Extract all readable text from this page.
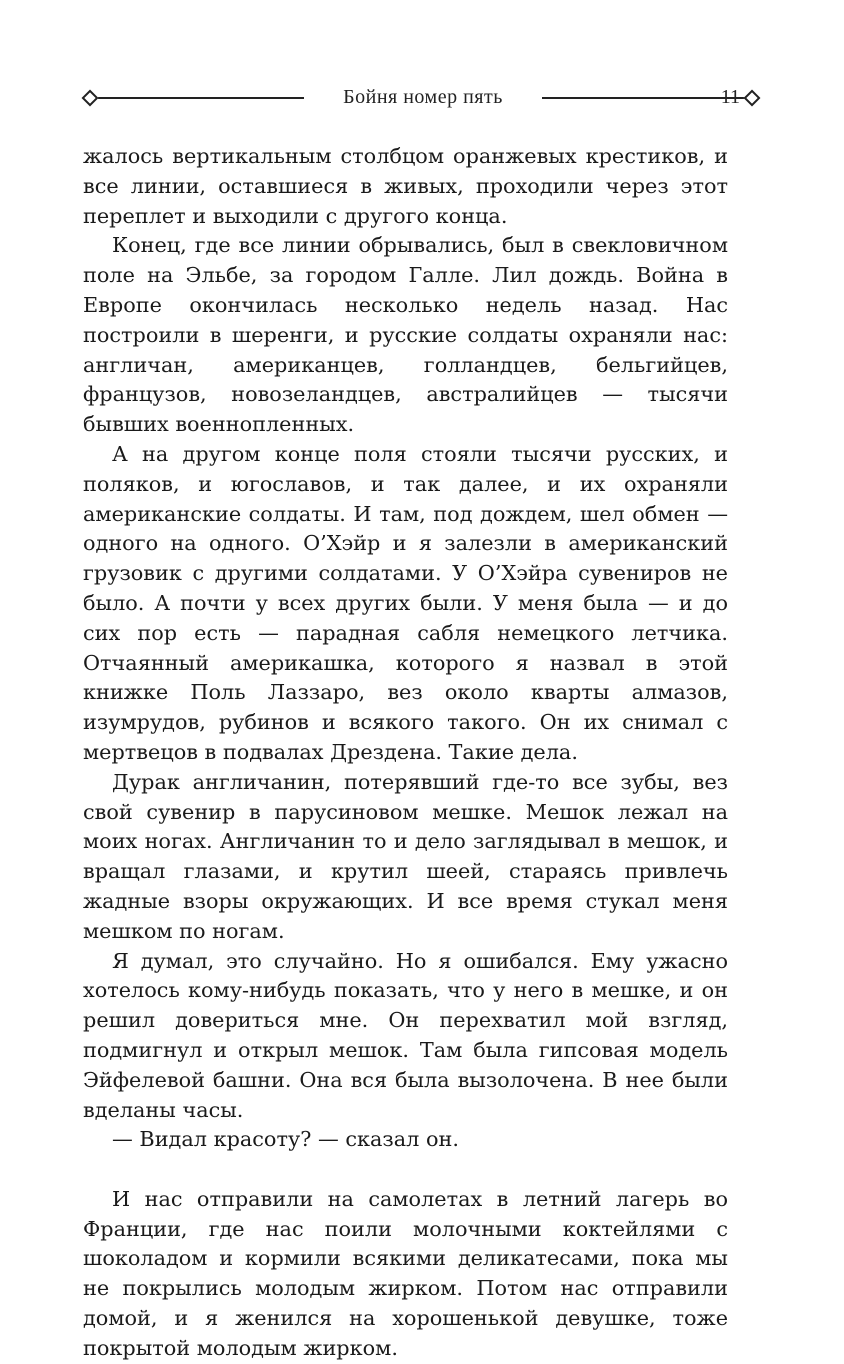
Бойня номер пять	11

жалось вертикальным столбцом оранжевых крестиков, и все линии, оставшиеся в живых, проходили через этот переплет и выходили с другого конца.

Конец, где все линии обрывались, был в свекловичном поле на Эльбе, за городом Галле. Лил дождь. Война в Европе окончилась несколько недель назад. Нас построили в шеренги, и русские солдаты охраняли нас: англичан, американцев, голландцев, бельгийцев, французов, новозеландцев, австралийцев — тысячи бывших военнопленных.

А на другом конце поля стояли тысячи русских, и поляков, и югославов, и так далее, и их охраняли американские солдаты. И там, под дождем, шел обмен — одного на одного. О’Хэйр и я залезли в американский грузовик с другими солдатами. У О’Хэйра сувениров не было. А почти у всех других были. У меня была — и до сих пор есть — парадная сабля немецкого летчика. Отчаянный америкашка, которого я назвал в этой книжке Поль Лаззаро, вез около кварты алмазов, изумрудов, рубинов и всякого такого. Он их снимал с мертвецов в подвалах Дрездена. Такие дела.

Дурак англичанин, потерявший где-то все зубы, вез свой сувенир в парусиновом мешке. Мешок лежал на моих ногах. Англичанин то и дело заглядывал в мешок, и вращал глазами, и крутил шеей, стараясь привлечь жадные взоры окружающих. И все время стукал меня мешком по ногам.

Я думал, это случайно. Но я ошибался. Ему ужасно хотелось кому-нибудь показать, что у него в мешке, и он решил довериться мне. Он перехватил мой взгляд, подмигнул и открыл мешок. Там была гипсовая модель Эйфелевой башни. Она вся была вызолочена. В нее были вделаны часы.

— Видал красоту? — сказал он.

И нас отправили на самолетах в летний лагерь во Франции, где нас поили молочными коктейлями с шоколадом и кормили всякими деликатесами, пока мы не покрылись молодым жирком. Потом нас отправили домой, и я женился на хорошенькой девушке, тоже покрытой молодым жирком.
